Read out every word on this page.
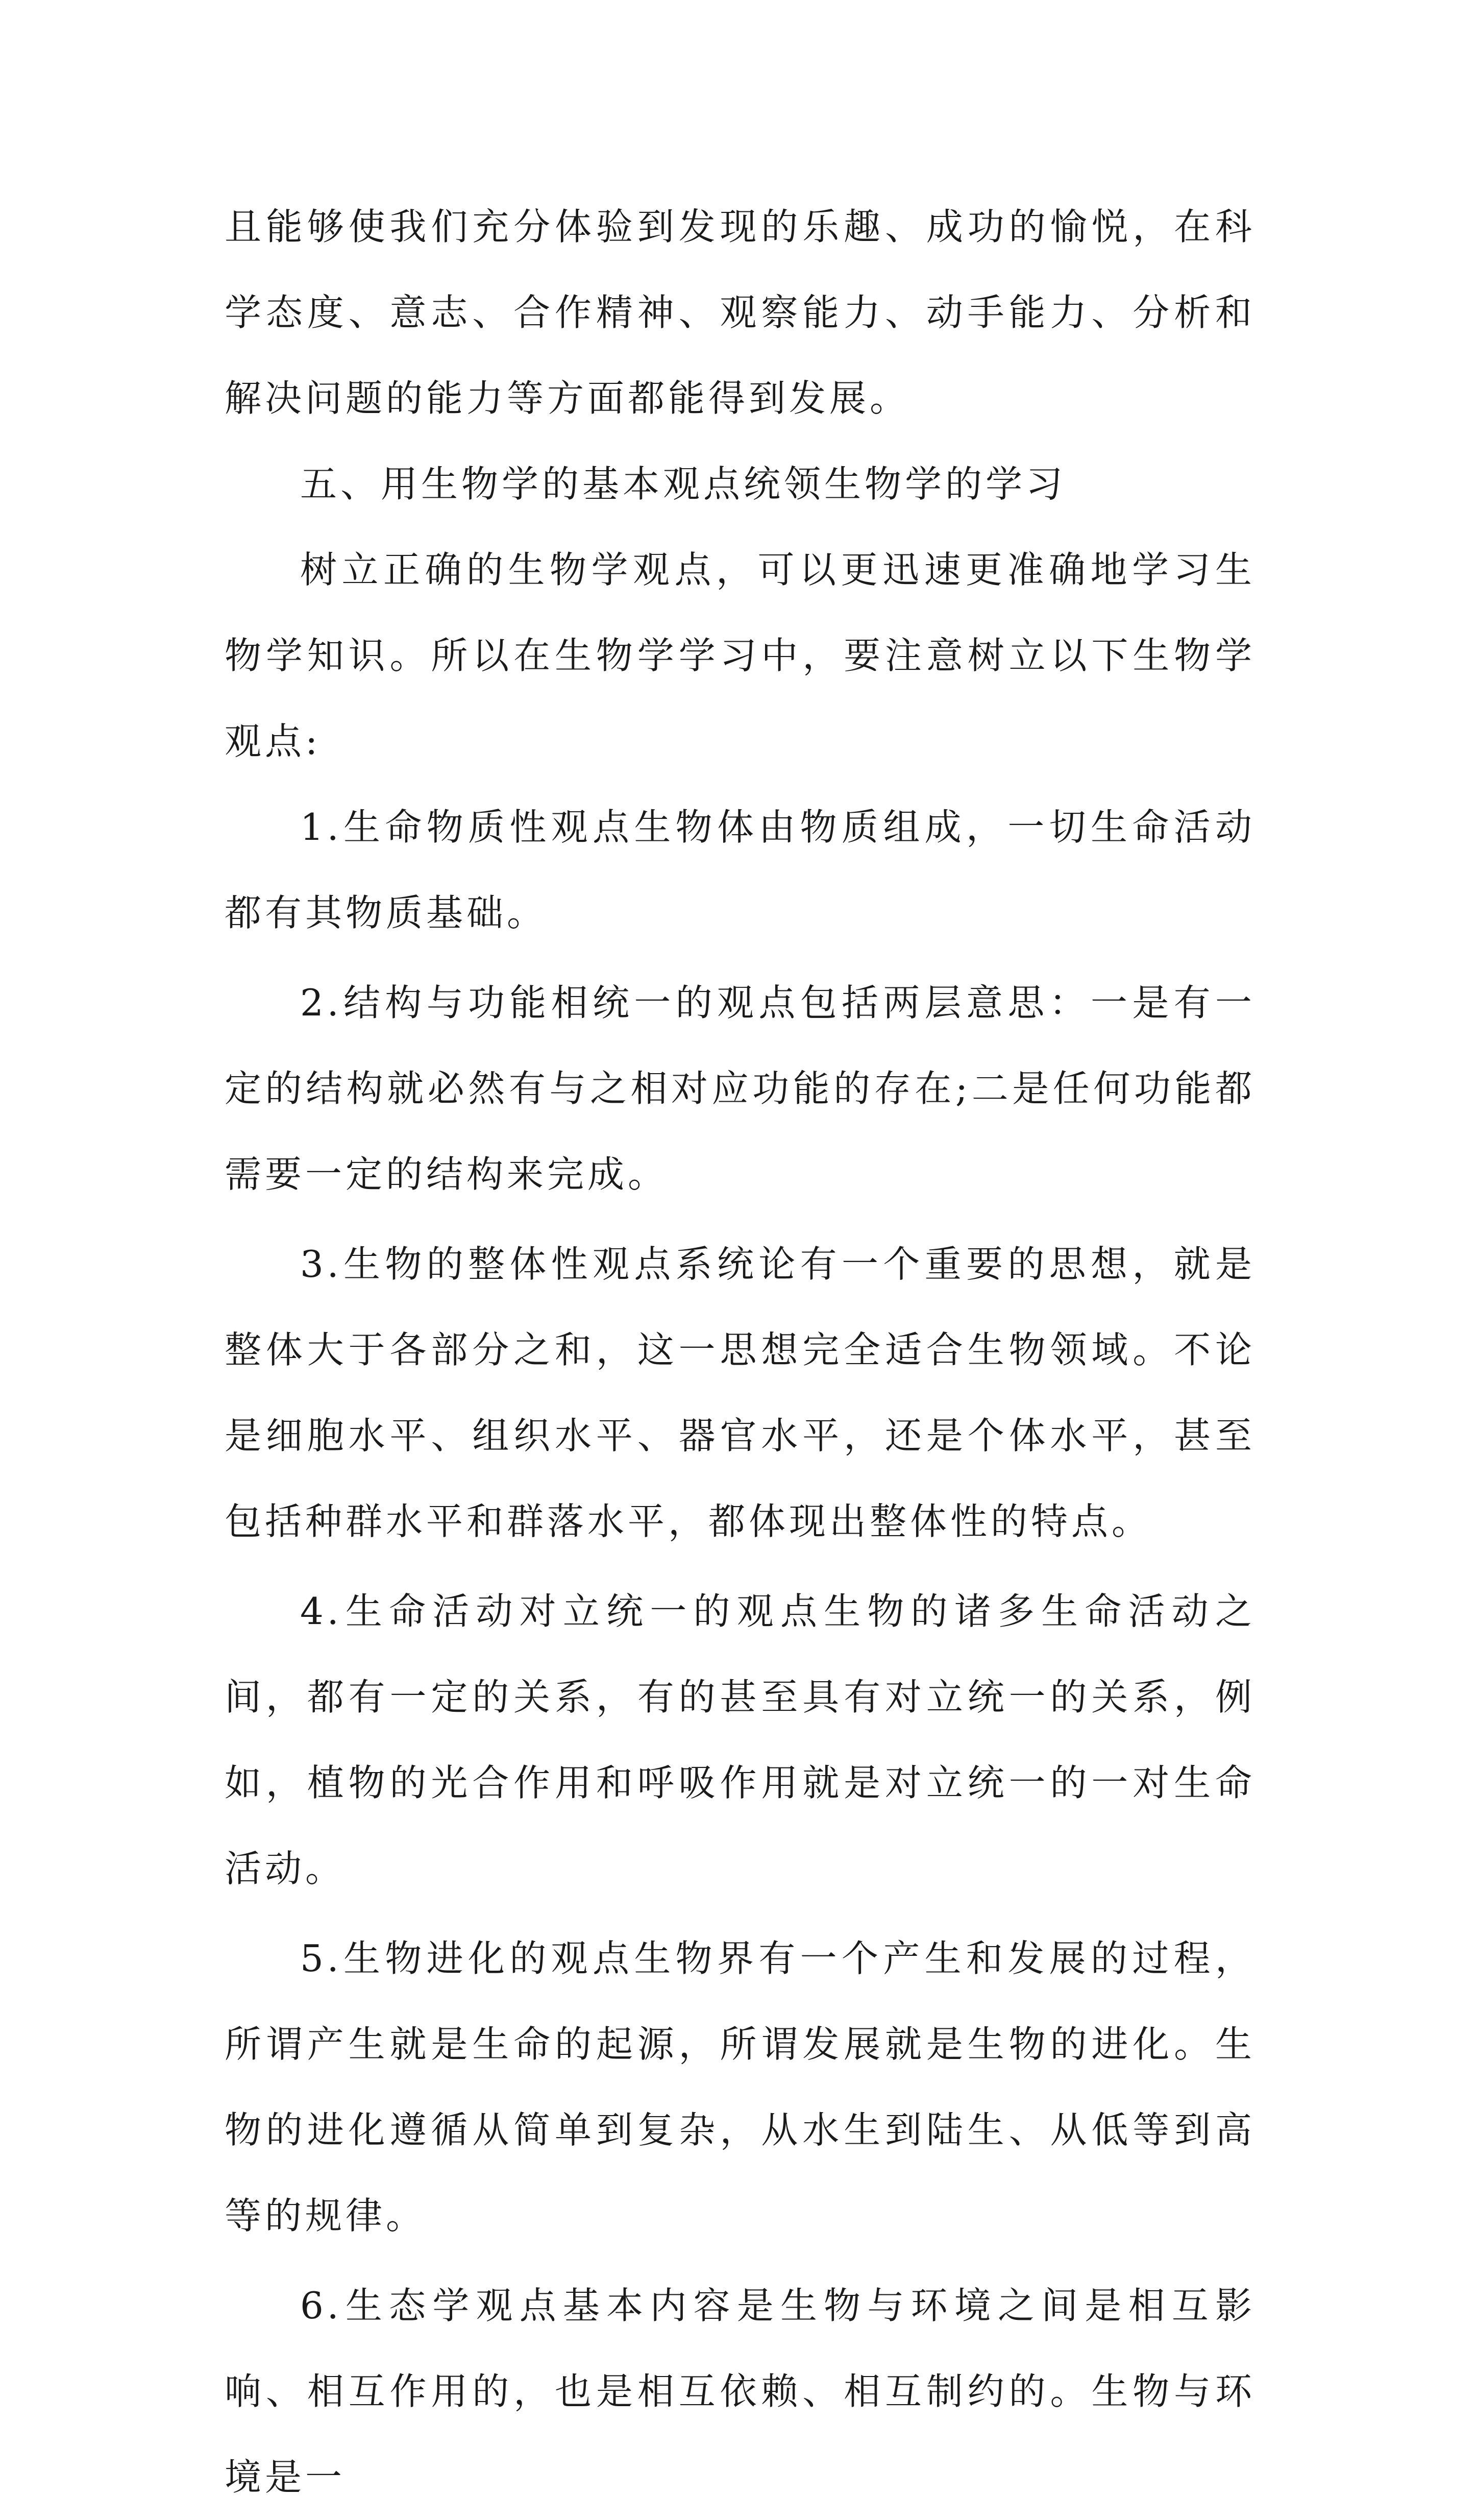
且能够使我们充分体验到发现的乐趣、成功的愉悦，在科学态度、意志、合作精神、观察能力、动手能力、分析和解决问题的能力等方面都能得到发展。

五、用生物学的基本观点统领生物学的学习

树立正确的生物学观点，可以更迅速更准确地学习生物学知识。所以在生物学学习中，要注意树立以下生物学观点:

1.生命物质性观点生物体由物质组成，一切生命活动都有其物质基础。

2.结构与功能相统一的观点包括两层意思：一是有一定的结构就必然有与之相对应功能的存在;二是任何功能都需要一定的结构来完成。

3.生物的整体性观点系统论有一个重要的思想，就是整体大于各部分之和，这一思想完全适合生物领域。不论是细胞水平、组织水平、器官水平，还是个体水平，甚至包括种群水平和群落水平，都体现出整体性的特点。

4.生命活动对立统一的观点生物的诸多生命活动之间，都有一定的关系，有的甚至具有对立统一的关系，例如，植物的光合作用和呼吸作用就是对立统一的一对生命活动。

5.生物进化的观点生物界有一个产生和发展的过程，所谓产生就是生命的起源，所谓发展就是生物的进化。生物的进化遵循从简单到复杂，从水生到陆生、从低等到高等的规律。

6.生态学观点基本内容是生物与环境之间是相互影响、相互作用的，也是相互依赖、相互制约的。生物与环境是一
